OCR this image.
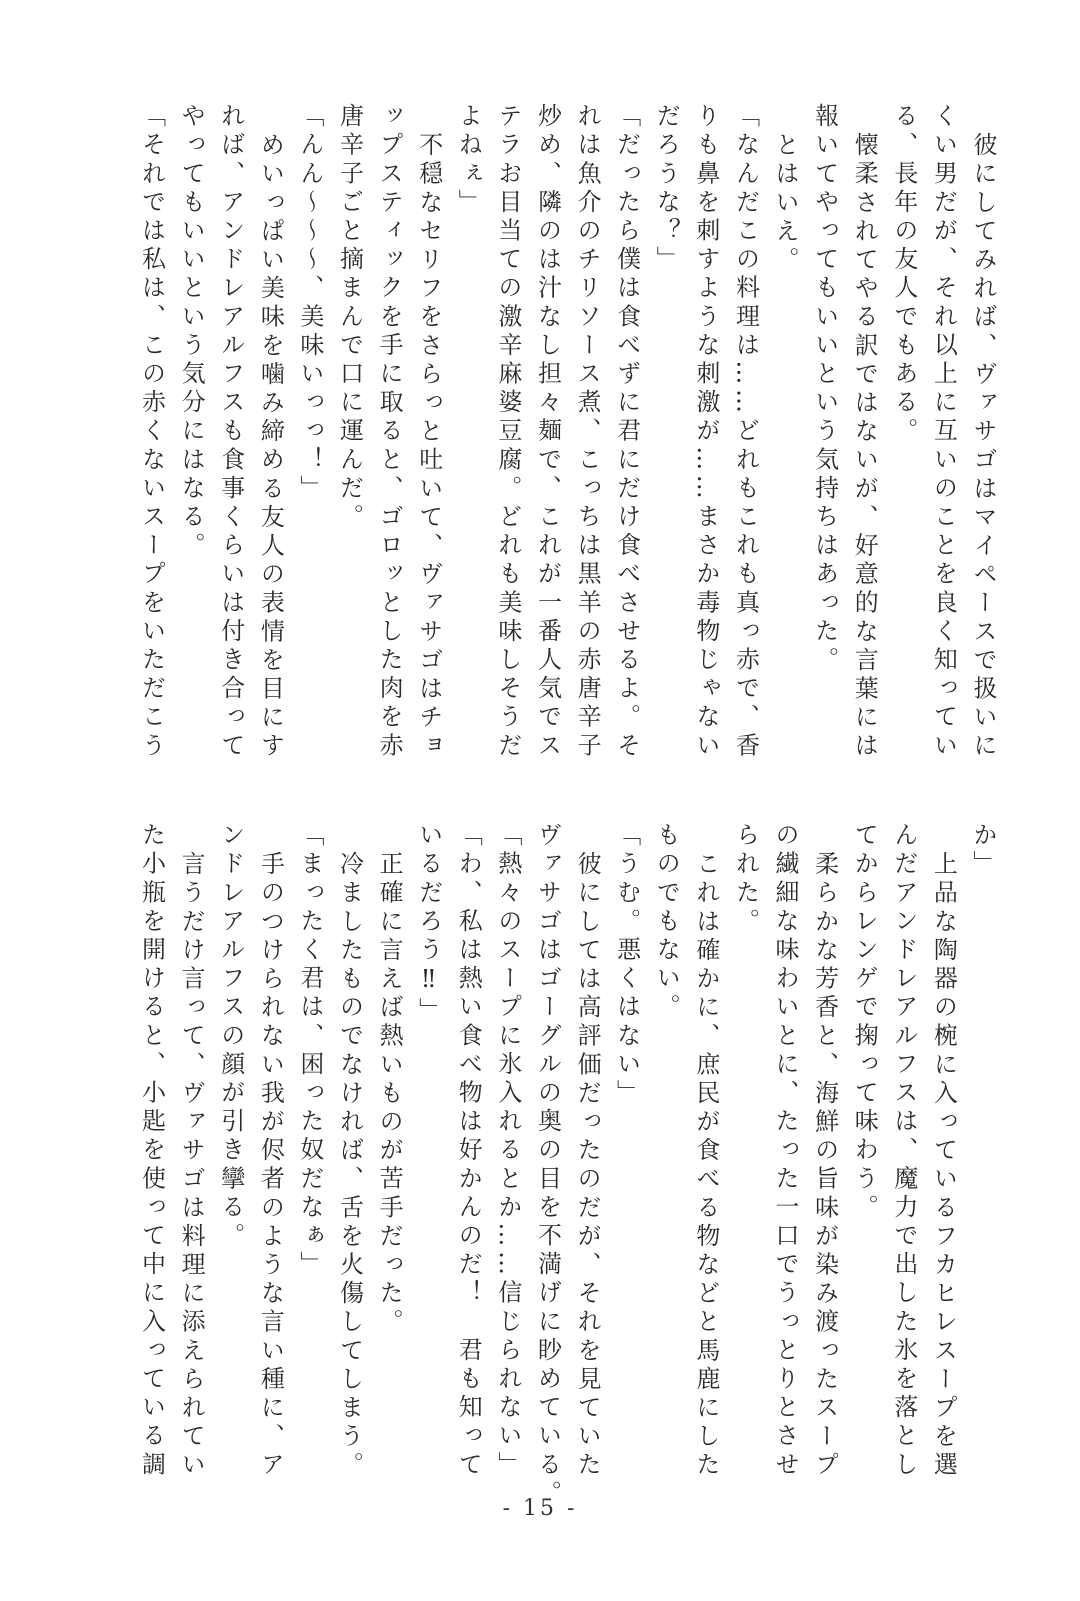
彼にしてみれば、ヴァサゴはマイペースで扱いに
くい男だが、それ以上に互いのことを良く知ってい
る、長年の友人でもある。
懐柔されてやる訳ではないが、好意的な言葉には
報いてやってもいいという気持ちはあった。
とはいえ。
「なんだこの料理は……どれもこれも真っ赤で、香
りも鼻を刺すような刺激が……まさか毒物じゃない
だろうな？」
「だったら僕は食べずに君にだけ食べさせるよ。そ
れは魚介のチリソース煮、こっちは黒羊の赤唐辛子
炒め、隣のは汁なし担々麺で、これが一番人気でス
テラお目当ての激辛麻婆豆腐。どれも美味しそうだ
よねぇ」
不穏なセリフをさらっと吐いて、ヴァサゴはチョ
ップスティックを手に取ると、ゴロッとした肉を赤
唐辛子ごと摘まんで口に運んだ。
「んん〜〜〜、美味いっっ！」
めいっぱい美味を噛み締める友人の表情を目にす
れば、アンドレアルフスも食事くらいは付き合って
やってもいいという気分にはなる。
「それでは私は、この赤くないスープをいただこう
か」
上品な陶器の椀に入っているフカヒレスープを選
んだアンドレアルフスは、魔力で出した氷を落とし
てからレンゲで掬って味わう。
柔らかな芳香と、海鮮の旨味が染み渡ったスープ
の繊細な味わいとに、たった一口でうっとりとさせ
られた。
これは確かに、庶民が食べる物などと馬鹿にした
ものでもない。
「うむ。悪くはない」
彼にしては高評価だったのだが、それを見ていた
ヴァサゴはゴーグルの奥の目を不満げに眇めている。
「熱々のスープに氷入れるとか……信じられない」
「わ、私は熱い食べ物は好かんのだ！　君も知って
いるだろう‼」
正確に言えば熱いものが苦手だった。
冷ましたものでなければ、舌を火傷してしまう。
「まったく君は、困った奴だなぁ」
手のつけられない我が侭者のような言い種に、ア
ンドレアルフスの顔が引き攣る。
言うだけ言って、ヴァサゴは料理に添えられてい
た小瓶を開けると、小匙を使って中に入っている調
- 15 -
